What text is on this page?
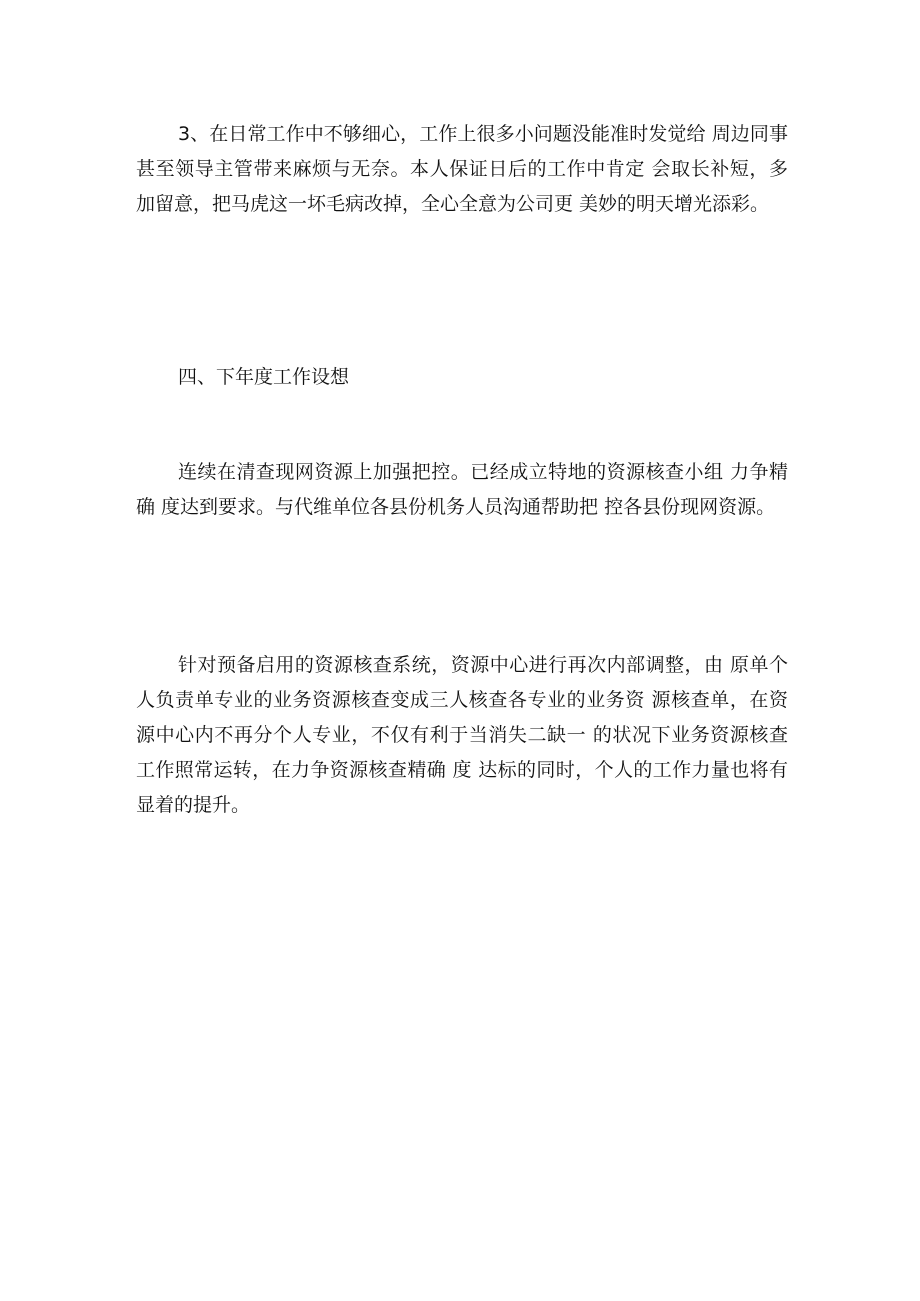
3、在日常工作中不够细心，工作上很多小问题没能准时发觉给 周边同事甚至领导主管带来麻烦与无奈。本人保证日后的工作中肯定 会取长补短，多加留意，把马虎这一坏毛病改掉，全心全意为公司更 美妙的明天增光添彩。

四、下年度工作设想

连续在清查现网资源上加强把控。已经成立特地的资源核查小组 力争精确 度达到要求。与代维单位各县份机务人员沟通帮助把 控各县份现网资源。

针对预备启用的资源核查系统，资源中心进行再次内部调整，由 原单个人负责单专业的业务资源核查变成三人核查各专业的业务资 源核查单，在资源中心内不再分个人专业，不仅有利于当消失二缺一 的状况下业务资源核查工作照常运转，在力争资源核查精确 度 达标的同时，个人的工作力量也将有显着的提升。
